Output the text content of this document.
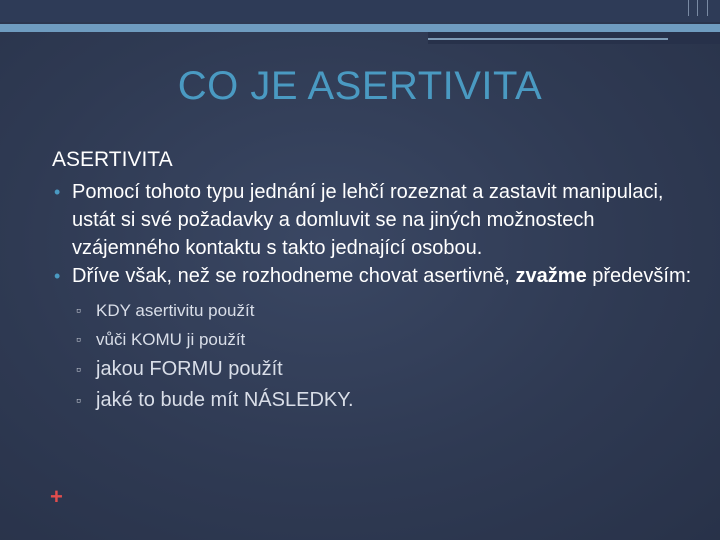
CO JE ASERTIVITA
ASERTIVITA
• Pomocí tohoto typu jednání je lehčí rozeznat a zastavit manipulaci, ustát si své požadavky a domluvit se na jiných možnostech vzájemného kontaktu s takto jednající osobou.
• Dříve však, než se rozhodneme chovat asertivně, zvažme především:
▫ KDY asertivitu použít
▫ vůči KOMU ji použít
▫ jakou FORMU použít
▫ jaké to bude mít NÁSLEDKY.
+
